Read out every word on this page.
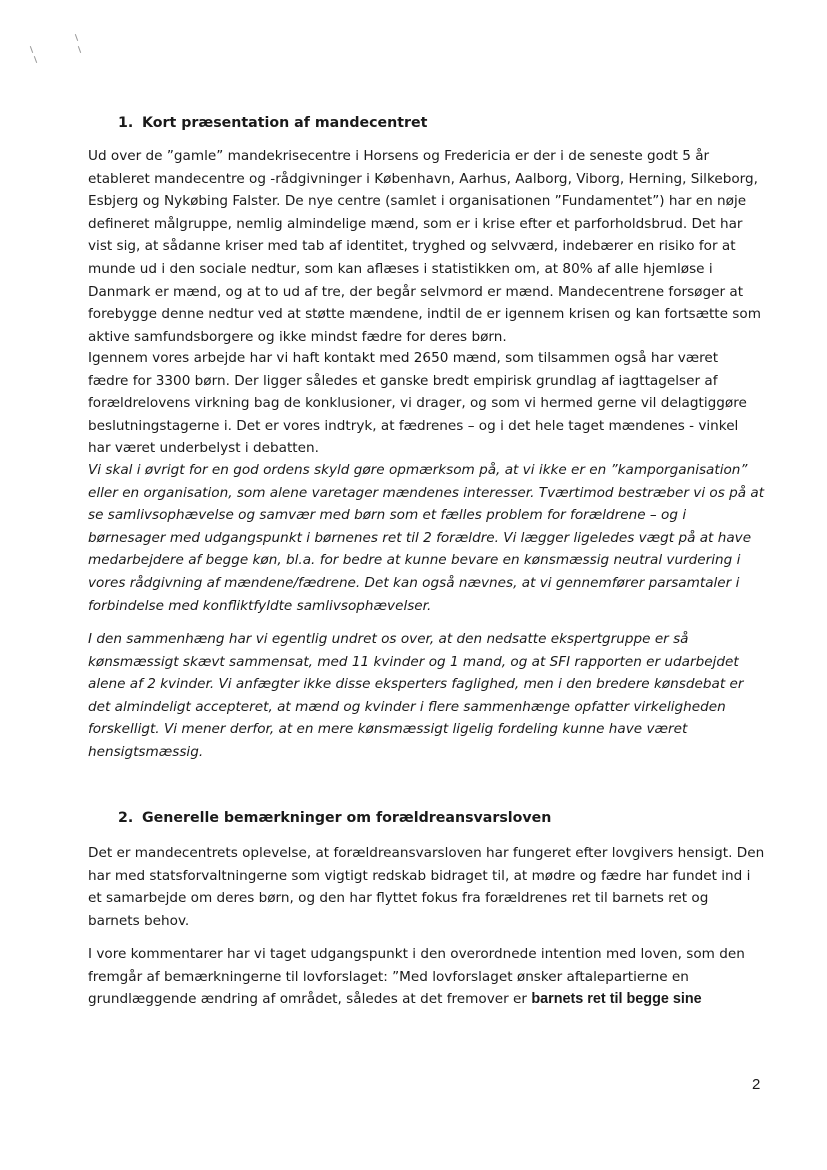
1. Kort præsentation af mandecentret
Ud over de ”gamle” mandekrisecentre i Horsens og Fredericia er der i de seneste godt 5 år
etableret mandecentre og -rådgivninger i København, Aarhus, Aalborg, Viborg, Herning, Silkeborg,
Esbjerg og Nykøbing Falster. De nye centre (samlet i organisationen ”Fundamentet”) har en nøje
defineret målgruppe, nemlig almindelige mænd, som er i krise efter et parforholdsbrud. Det har
vist sig, at sådanne kriser med tab af identitet, tryghed og selvværd, indebærer en risiko for at
munde ud i den sociale nedtur, som kan aflæses i statistikken om, at 80% af alle hjemløse i
Danmark er mænd, og at to ud af tre, der begår selvmord er mænd. Mandecentrene forsøger at
forebygge denne nedtur ved at støtte mændene, indtil de er igennem krisen og kan fortsætte som
aktive samfundsborgere og ikke mindst fædre for deres børn.
Igennem vores arbejde har vi haft kontakt med 2650 mænd, som tilsammen også har været
fædre for 3300 børn. Der ligger således et ganske bredt empirisk grundlag af iagttagelser af
forældrelovens virkning bag de konklusioner, vi drager, og som vi hermed gerne vil delagtiggøre
beslutningstagerne i. Det er vores indtryk, at fædrenes – og i det hele taget mændenes - vinkel
har været underbelyst i debatten.
Vi skal i øvrigt for en god ordens skyld gøre opmærksom på, at vi ikke er en ”kamporganisation”
eller en organisation, som alene varetager mændenes interesser. Tværtimod bestræber vi os på at
se samlivsophævelse og samvær med børn som et fælles problem for forældrene – og i
børnesager med udgangspunkt i børnenes ret til 2 forældre. Vi lægger ligeledes vægt på at have
medarbejdere af begge køn, bl.a. for bedre at kunne bevare en kønsmæssig neutral vurdering i
vores rådgivning af mændene/fædrene. Det kan også nævnes, at vi gennemfører parsamtaler i
forbindelse med konfliktfyldte samlivsophævelser.
I den sammenhæng har vi egentlig undret os over, at den nedsatte ekspertgruppe er så
kønsmæssigt skævt sammensat, med 11 kvinder og 1 mand, og at SFI rapporten er udarbejdet
alene af 2 kvinder. Vi anfægter ikke disse eksperters faglighed, men i den bredere kønsdebat er
det almindeligt accepteret, at mænd og kvinder i flere sammenhænge opfatter virkeligheden
forskelligt. Vi mener derfor, at en mere kønsmæssigt ligelig fordeling kunne have været
hensigtsmæssig.
2. Generelle bemærkninger om forældreansvarsloven
Det er mandecentrets oplevelse, at forældreansvarsloven har fungeret efter lovgivers hensigt. Den
har med statsforvaltningerne som vigtigt redskab bidraget til, at mødre og fædre har fundet ind i
et samarbejde om deres børn, og den har flyttet fokus fra forældrenes ret til barnets ret og
barnets behov.
I vore kommentarer har vi taget udgangspunkt i den overordnede intention med loven, som den
fremgår af bemærkningerne til lovforslaget: ”Med lovforslaget ønsker aftalepartierne en
grundlæggende ændring af området, således at det fremover er barnets ret til begge sine
2
